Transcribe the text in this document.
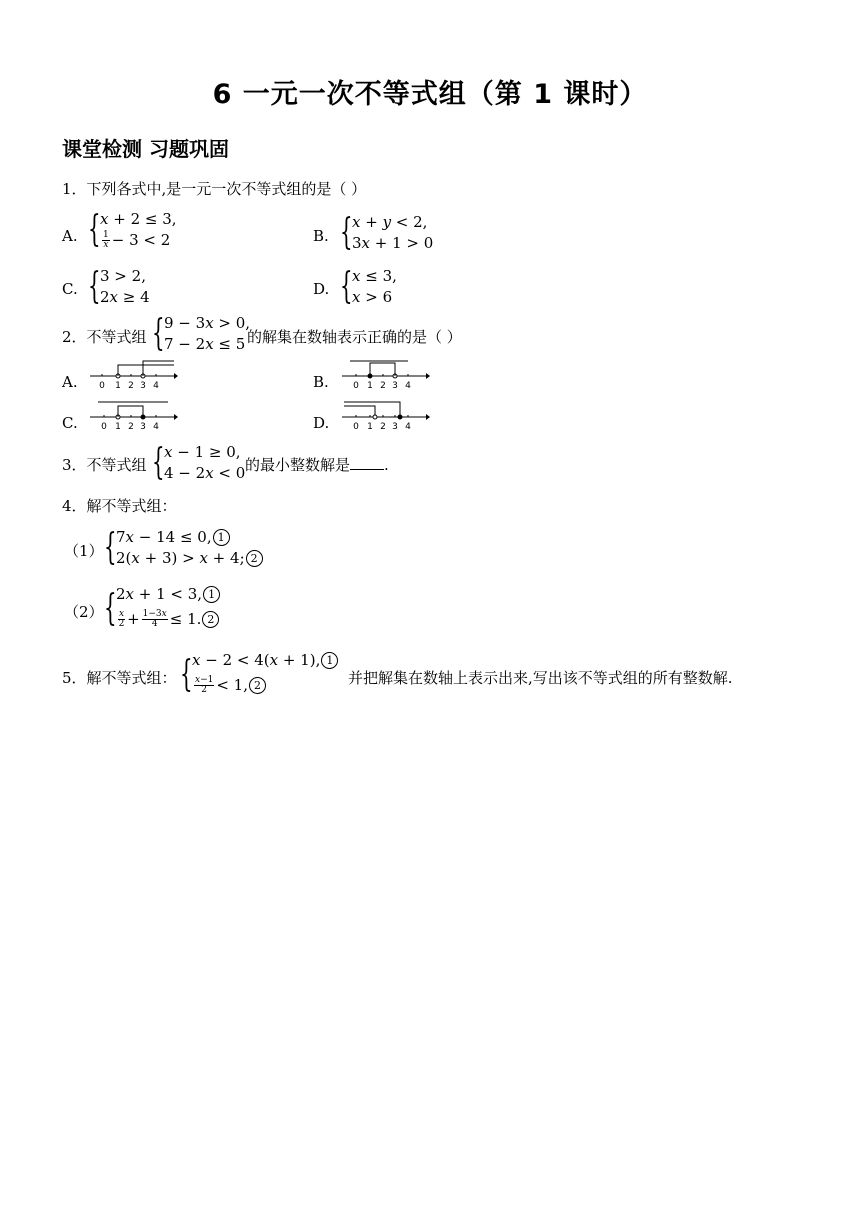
6 一元一次不等式组（第 1 课时）
课堂检测 习题巩固
1．下列各式中,是一元一次不等式组的是（ ）
A. { 𝑥 + 2 ≤ 3,
$\frac{1}{\text{𝑥}} - 3 < 2$	B. { 𝑥 + 𝑦 < 2,
3𝑥 + 1 > 0
C. { 3 > 2,
2𝑥 ≥ 4	D. { 𝑥 ≤ 3,
𝑥 > 6
2．不等式组 { 9 − 3𝑥 > 0,
7 − 2𝑥 ≤ 5 的解集在数轴表示正确的是（ ）
A. 0 1 2 3 4	B.	0 1 2 3 4
C.	0 1 2 3 4	D.	0 1 2 3 4
3．不等式组 { 𝑥 − 1 ≥ 0,
4 − 2𝑥 < 0 的最小整数解是 .
4．解不等式组：
（1） { 7𝑥 − 14 ≤ 0, 1
2(𝑥 + 3) > 𝑥 + 4; 2
（2） { 2𝑥 + 1 < 3, 1
$\frac{\text{𝑥}}{2} + \frac{\text{1−3𝑥}}{4} \le 1$. 2
5．解不等式组： { 𝑥 − 2 < 4(𝑥 + 1), 1
$\frac{\text{𝑥−1}}{2} < 1$, 2	并把解集在数轴上表示出来,写出该不等式组的所有整数解.
